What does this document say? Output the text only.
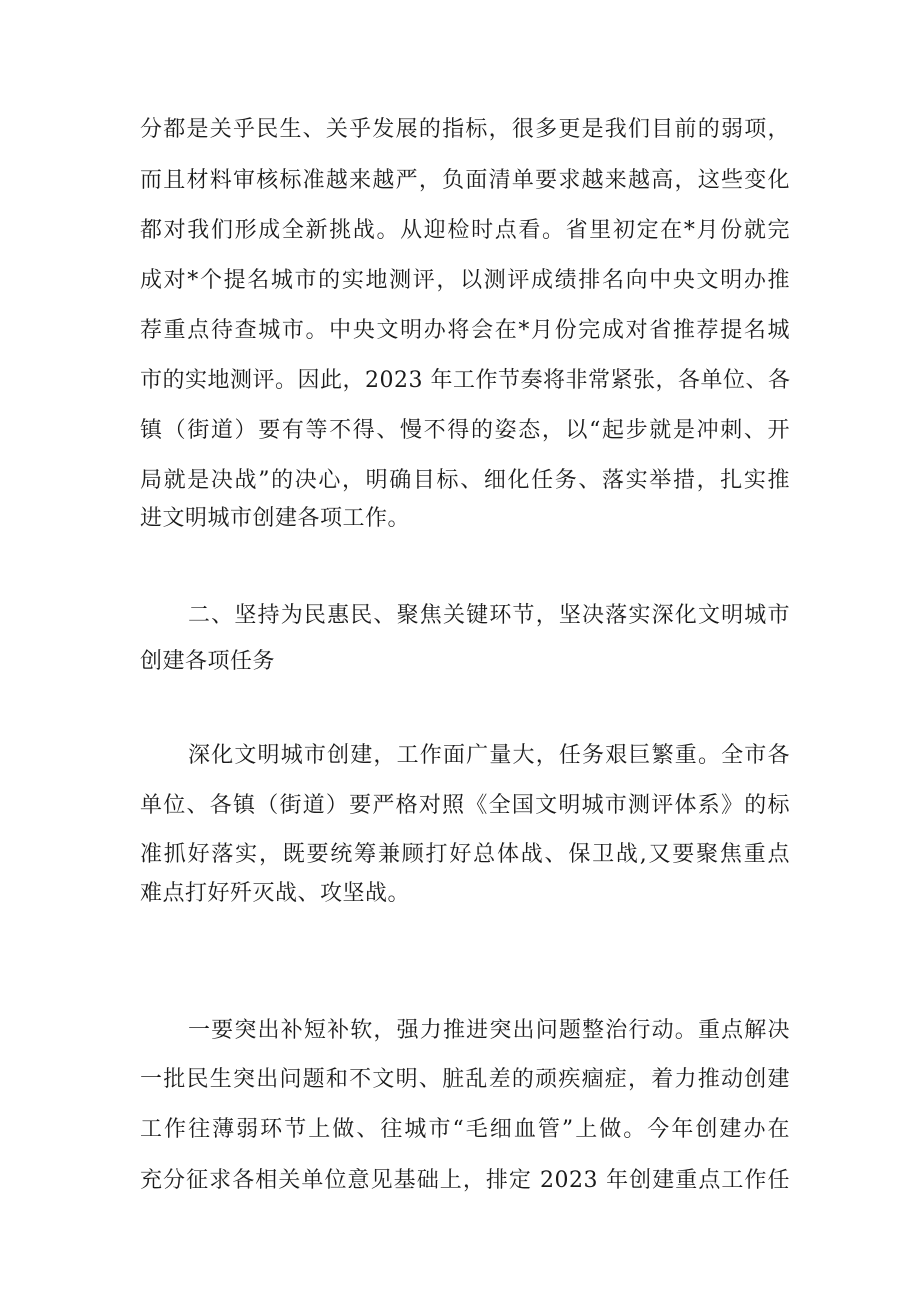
分都是关乎民生、关乎发展的指标，很多更是我们目前的弱项，
而且材料审核标准越来越严，负面清单要求越来越高，这些变化
都对我们形成全新挑战。从迎检时点看。省里初定在*月份就完
成对*个提名城市的实地测评，以测评成绩排名向中央文明办推
荐重点待查城市。中央文明办将会在*月份完成对省推荐提名城
市的实地测评。因此，2023 年工作节奏将非常紧张，各单位、各
镇（街道）要有等不得、慢不得的姿态，以“起步就是冲刺、开
局就是决战”的决心，明确目标、细化任务、落实举措，扎实推
进文明城市创建各项工作。
二、坚持为民惠民、聚焦关键环节，坚决落实深化文明城市
创建各项任务
深化文明城市创建，工作面广量大，任务艰巨繁重。全市各
单位、各镇（街道）要严格对照《全国文明城市测评体系》的标
准抓好落实，既要统筹兼顾打好总体战、保卫战,又要聚焦重点
难点打好歼灭战、攻坚战。
一要突出补短补软，强力推进突出问题整治行动。重点解决
一批民生突出问题和不文明、脏乱差的顽疾痼症，着力推动创建
工作往薄弱环节上做、往城市“毛细血管”上做。今年创建办在
充分征求各相关单位意见基础上，排定 2023 年创建重点工作任
